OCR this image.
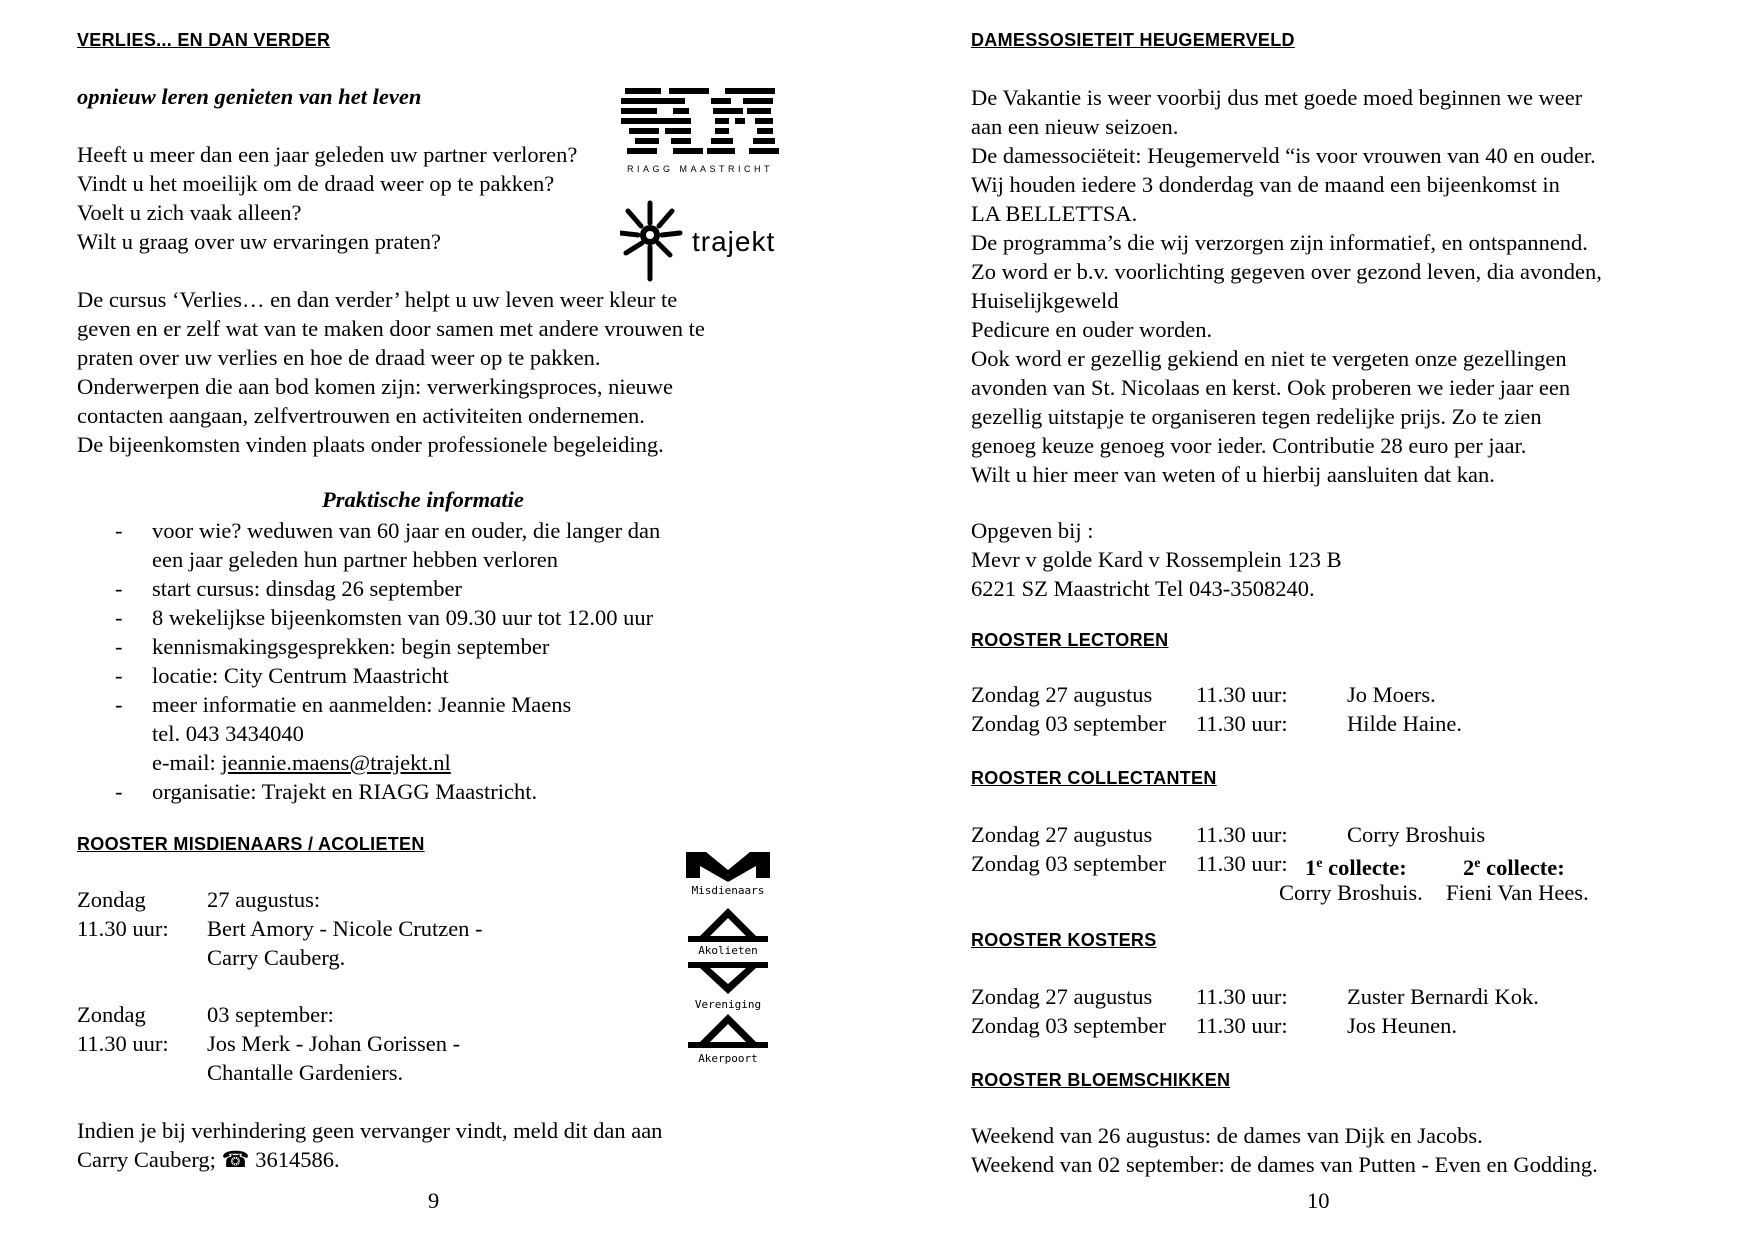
VERLIES... EN DAN VERDER
opnieuw leren genieten van het leven
Heeft u meer dan een jaar geleden uw partner verloren?
Vindt u het moeilijk om de draad weer op te pakken?
Voelt u zich vaak alleen?
Wilt u graag over uw ervaringen praten?
RIAGG MAASTRICHT
trajekt
De cursus ‘Verlies… en dan verder’ helpt u uw leven weer kleur te
geven en er zelf wat van te maken door samen met andere vrouwen te
praten over uw verlies en hoe de draad weer op te pakken.
Onderwerpen die aan bod komen zijn: verwerkingsproces, nieuwe
contacten aangaan, zelfvertrouwen en activiteiten ondernemen.
De bijeenkomsten vinden plaats onder professionele begeleiding.
Praktische informatie
- voor wie? weduwen van 60 jaar en ouder, die langer dan
een jaar geleden hun partner hebben verloren
- start cursus: dinsdag 26 september
- 8 wekelijkse bijeenkomsten van 09.30 uur tot 12.00 uur
- kennismakingsgesprekken: begin september
- locatie: City Centrum Maastricht
- meer informatie en aanmelden: Jeannie Maens
tel. 043 3434040
e-mail: jeannie.maens@trajekt.nl
- organisatie: Trajekt en RIAGG Maastricht.
ROOSTER MISDIENAARS / ACOLIETEN
Zondag	27 augustus:
11.30 uur: Bert Amory - Nicole Crutzen -
Carry Cauberg.
Zondag	03 september:
11.30 uur: Jos Merk - Johan Gorissen -
Chantalle Gardeniers.
Misdienaars
Akolieten
Vereniging
Akerpoort
Indien je bij verhindering geen vervanger vindt, meld dit dan aan
Carry Cauberg; ☎ 3614586.
9
DAMESSOSIETEIT HEUGEMERVELD
De Vakantie is weer voorbij dus met goede moed beginnen we weer
aan een nieuw seizoen.
De damessociëteit: Heugemerveld “is voor vrouwen van 40 en ouder.
Wij houden iedere 3 donderdag van de maand een bijeenkomst in
LA BELLETTSA.
De programma’s die wij verzorgen zijn informatief, en ontspannend.
Zo word er b.v. voorlichting gegeven over gezond leven, dia avonden,
Huiselijkgeweld
Pedicure en ouder worden.
Ook word er gezellig gekiend en niet te vergeten onze gezellingen
avonden van St. Nicolaas en kerst. Ook proberen we ieder jaar een
gezellig uitstapje te organiseren tegen redelijke prijs. Zo te zien
genoeg keuze genoeg voor ieder. Contributie 28 euro per jaar.
Wilt u hier meer van weten of u hierbij aansluiten dat kan.
Opgeven bij :
Mevr v golde Kard v Rossemplein 123 B
6221 SZ Maastricht Tel 043-3508240.
ROOSTER LECTOREN
Zondag 27 augustus 11.30 uur:	Jo Moers.
Zondag 03 september 11.30 uur:	Hilde Haine.
ROOSTER COLLECTANTEN
Zondag 27 augustus 11.30 uur:	Corry Broshuis
Zondag 03 september 11.30 uur: 1e collecte: 2e collecte:
Corry Broshuis. Fieni Van Hees.
ROOSTER KOSTERS
Zondag 27 augustus 11.30 uur:	Zuster Bernardi Kok.
Zondag 03 september 11.30 uur:	Jos Heunen.
ROOSTER BLOEMSCHIKKEN
Weekend van 26 augustus: de dames van Dijk en Jacobs.
Weekend van 02 september: de dames van Putten - Even en Godding.
10
